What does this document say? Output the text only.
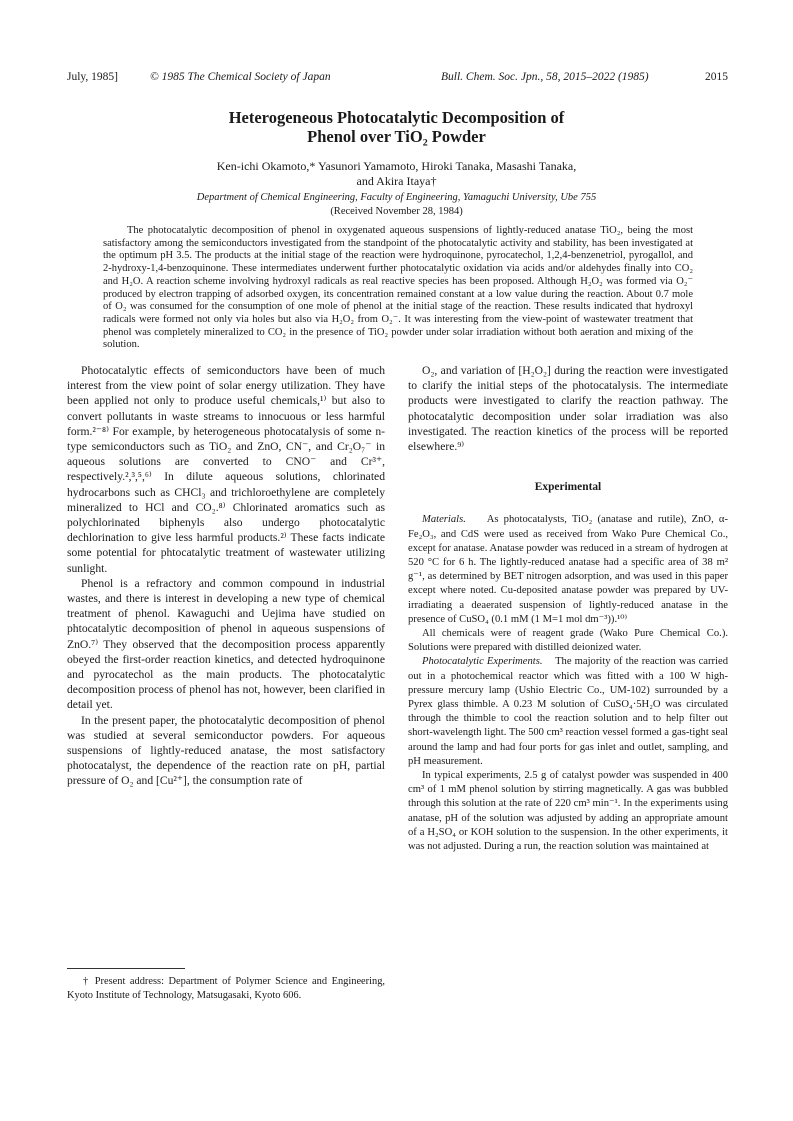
July, 1985]	© 1985 The Chemical Society of Japan	Bull. Chem. Soc. Jpn., 58, 2015–2022 (1985)	2015
Heterogeneous Photocatalytic Decomposition of
Phenol over TiO₂ Powder
Ken-ichi Okamoto,* Yasunori Yamamoto, Hiroki Tanaka, Masashi Tanaka,
and Akira Itaya†
Department of Chemical Engineering, Faculty of Engineering, Yamaguchi University, Ube 755
(Received November 28, 1984)

The photocatalytic decomposition of phenol in oxygenated aqueous suspensions of lightly-reduced anatase TiO₂, being the most satisfactory among the semiconductors investigated from the standpoint of the photocatalytic activity and stability, has been investigated at the optimum pH 3.5. The products at the initial stage of the reaction were hydroquinone, pyrocatechol, 1,2,4-benzenetriol, pyrogallol, and 2-hydroxy-1,4-benzoquinone. These intermediates underwent further photocatalytic oxidation via acids and/or aldehydes finally into CO₂ and H₂O. A reaction scheme involving hydroxyl radicals as real reactive species has been proposed. Although H₂O₂ was formed via O₂⁻ produced by electron trapping of adsorbed oxygen, its concentration remained constant at a low value during the reaction. About 0.7 mole of O₂ was consumed for the consumption of one mole of phenol at the initial stage of the reaction. These results indicated that hydroxyl radicals were formed not only via holes but also via H₂O₂ from O₂⁻. It was interesting from the view-point of wastewater treatment that phenol was completely mineralized to CO₂ in the presence of TiO₂ powder under solar irradiation without both aeration and mixing of the solution.

Photocatalytic effects of semiconductors have been of much interest from the view point of solar energy utilization. They have been applied not only to produce useful chemicals,¹⁾ but also to convert pollutants in waste streams to innocuous or less harmful form.²⁻⁸⁾ For example, by heterogeneous photocatalysis of some n-type semiconductors such as TiO₂ and ZnO, CN⁻, and Cr₂O₇⁻ in aqueous solutions are converted to CNO⁻ and Cr³⁺, respectively.²,³,⁵,⁶⁾ In dilute aqueous solutions, chlorinated hydrocarbons such as CHCl₃ and trichloroethylene are completely mineralized to HCl and CO₂.⁸⁾ Chlorinated aromatics such as polychlorinated biphenyls also undergo photocatalytic dechlorination to give less harmful products.²⁾ These facts indicate some potential for phtocatalytic treatment of wastewater utilizing sunlight.

Phenol is a refractory and common compound in industrial wastes, and there is interest in developing a new type of chemical treatment of phenol. Kawaguchi and Uejima have studied on phtocatalytic decomposition of phenol in aqueous suspensions of ZnO.⁷⁾ They observed that the decomposition process apparently obeyed the first-order reaction kinetics, and detected hydroquinone and pyrocatechol as the main products. The photocatalytic decomposition process of phenol has not, however, been clarified in detail yet.

In the present paper, the photocatalytic decomposition of phenol was studied at several semiconductor powders. For aqueous suspensions of lightly-reduced anatase, the most satisfactory photocatalyst, the dependence of the reaction rate on pH, partial pressure of O₂ and [Cu²⁺], the consumption rate of

† Present address: Department of Polymer Science and Engineering, Kyoto Institute of Technology, Matsugasaki, Kyoto 606.

O₂, and variation of [H₂O₂] during the reaction were investigated to clarify the initial steps of the photocatalysis. The intermediate products were investigated to clarify the reaction pathway. The photocatalytic decomposition under solar irradiation was also investigated. The reaction kinetics of the process will be reported elsewhere.⁹⁾

Experimental

Materials. As photocatalysts, TiO₂ (anatase and rutile), ZnO, α-Fe₂O₃, and CdS were used as received from Wako Pure Chemical Co., except for anatase. Anatase powder was reduced in a stream of hydrogen at 520 °C for 6 h. The lightly-reduced anatase had a specific area of 38 m² g⁻¹, as determined by BET nitrogen adsorption, and was used in this paper except where noted. Cu-deposited anatase powder was prepared by UV-irradiating a deaerated suspension of lightly-reduced anatase in the presence of CuSO₄ (0.1 mM (1 M=1 mol dm⁻³)).¹⁰⁾

All chemicals were of reagent grade (Wako Pure Chemical Co.). Solutions were prepared with distilled deionized water.

Photocatalytic Experiments. The majority of the reaction was carried out in a photochemical reactor which was fitted with a 100 W high-pressure mercury lamp (Ushio Electric Co., UM-102) surrounded by a Pyrex glass thimble. A 0.23 M solution of CuSO₄·5H₂O was circulated through the thimble to cool the reaction solution and to help filter out short-wavelength light. The 500 cm³ reaction vessel formed a gas-tight seal around the lamp and had four ports for gas inlet and outlet, sampling, and pH measurement.

In typical experiments, 2.5 g of catalyst powder was suspended in 400 cm³ of 1 mM phenol solution by stirring magnetically. A gas was bubbled through this solution at the rate of 220 cm³ min⁻¹. In the experiments using anatase, pH of the solution was adjusted by adding an appropriate amount of a H₂SO₄ or KOH solution to the suspension. In the other experiments, it was not adjusted. During a run, the reaction solution was maintained at
